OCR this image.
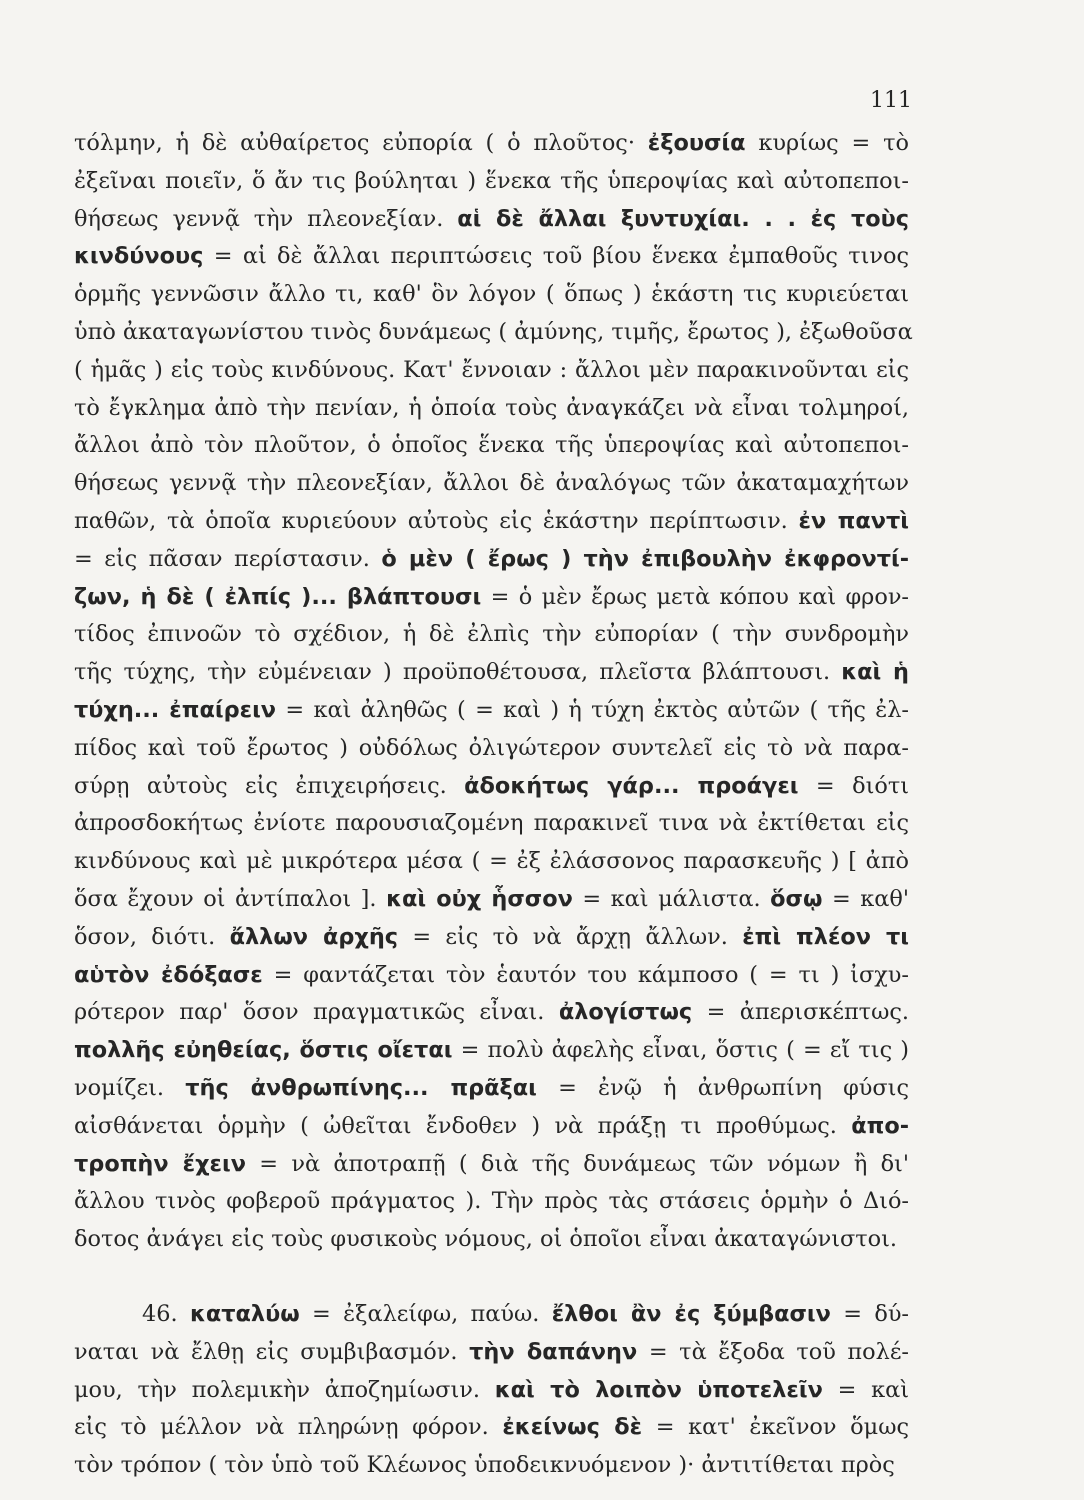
111
τόλμην, ἡ δὲ αὐθαίρετος εὐπορία ( ὁ πλοῦτος· ἐξουσία κυρίως = τὸ
ἐξεῖναι ποιεῖν, ὅ ἄν τις βούληται ) ἕνεκα τῆς ὑπεροψίας καὶ αὐτοπεποι-
θήσεως γεννᾷ τὴν πλεονεξίαν. αἱ δὲ ἄλλαι ξυντυχίαι. . . ἐς τοὺς
κινδύνους = αἱ δὲ ἄλλαι περιπτώσεις τοῦ βίου ἕνεκα ἐμπαθοῦς τινος
ὁρμῆς γεννῶσιν ἄλλο τι, καθ' ὃν λόγον ( ὅπως ) ἑκάστη τις κυριεύεται
ὑπὸ ἀκαταγωνίστου τινὸς δυνάμεως ( ἀμύνης, τιμῆς, ἔρωτος ), ἐξωθοῦσα
( ἡμᾶς ) εἰς τοὺς κινδύνους. Κατ' ἔννοιαν : ἄλλοι μὲν παρακινοῦνται εἰς
τὸ ἔγκλημα ἀπὸ τὴν πενίαν, ἡ ὁποία τοὺς ἀναγκάζει νὰ εἶναι τολμηροί,
ἄλλοι ἀπὸ τὸν πλοῦτον, ὁ ὁποῖος ἕνεκα τῆς ὑπεροψίας καὶ αὐτοπεποι-
θήσεως γεννᾷ τὴν πλεονεξίαν, ἄλλοι δὲ ἀναλόγως τῶν ἀκαταμαχήτων
παθῶν, τὰ ὁποῖα κυριεύουν αὐτοὺς εἰς ἑκάστην περίπτωσιν. ἐν παντὶ
= εἰς πᾶσαν περίστασιν. ὁ μὲν ( ἔρως ) τὴν ἐπιβουλὴν ἐκφροντί-
ζων, ἡ δὲ ( ἐλπίς )... βλάπτουσι = ὁ μὲν ἔρως μετὰ κόπου καὶ φρον-
τίδος ἐπινοῶν τὸ σχέδιον, ἡ δὲ ἐλπὶς τὴν εὐπορίαν ( τὴν συνδρομὴν
τῆς τύχης, τὴν εὐμένειαν ) προϋποθέτουσα, πλεῖστα βλάπτουσι. καὶ ἡ
τύχη... ἐπαίρειν = καὶ ἀληθῶς ( = καὶ ) ἡ τύχη ἐκτὸς αὐτῶν ( τῆς ἐλ-
πίδος καὶ τοῦ ἔρωτος ) οὐδόλως ὀλιγώτερον συντελεῖ εἰς τὸ νὰ παρα-
σύρῃ αὐτοὺς εἰς ἐπιχειρήσεις. ἀδοκήτως γάρ... προάγει = διότι
ἀπροσδοκήτως ἐνίοτε παρουσιαζομένη παρακινεῖ τινα νὰ ἐκτίθεται εἰς
κινδύνους καὶ μὲ μικρότερα μέσα ( = ἐξ ἐλάσσονος παρασκευῆς ) [ ἀπὸ
ὅσα ἔχουν οἱ ἀντίπαλοι ]. καὶ οὐχ ἧσσον = καὶ μάλιστα. ὅσῳ = καθ'
ὅσον, διότι. ἄλλων ἀρχῆς = εἰς τὸ νὰ ἄρχῃ ἄλλων. ἐπὶ πλέον τι
αὑτὸν ἐδόξασε = φαντάζεται τὸν ἑαυτόν του κάμποσο ( = τι ) ἰσχυ-
ρότερον παρ' ὅσον πραγματικῶς εἶναι. ἀλογίστως = ἀπερισκέπτως.
πολλῆς εὐηθείας, ὅστις οἴεται = πολὺ ἀφελὴς εἶναι, ὅστις ( = εἴ τις )
νομίζει. τῆς ἀνθρωπίνης... πρᾶξαι = ἐνῷ ἡ ἀνθρωπίνη φύσις
αἰσθάνεται ὁρμὴν ( ὠθεῖται ἔνδοθεν ) νὰ πράξῃ τι προθύμως. ἀπο-
τροπὴν ἔχειν = νὰ ἀποτραπῇ ( διὰ τῆς δυνάμεως τῶν νόμων ἢ δι'
ἄλλου τινὸς φοβεροῦ πράγματος ). Τὴν πρὸς τὰς στάσεις ὁρμὴν ὁ Διό-
δοτος ἀνάγει εἰς τοὺς φυσικοὺς νόμους, οἱ ὁποῖοι εἶναι ἀκαταγώνιστοι.
46. καταλύω = ἐξαλείφω, παύω. ἔλθοι ἂν ἐς ξύμβασιν = δύ-
ναται νὰ ἔλθῃ εἰς συμβιβασμόν. τὴν δαπάνην = τὰ ἔξοδα τοῦ πολέ-
μου, τὴν πολεμικὴν ἀποζημίωσιν. καὶ τὸ λοιπὸν ὑποτελεῖν = καὶ
εἰς τὸ μέλλον νὰ πληρώνῃ φόρον. ἐκείνως δὲ = κατ' ἐκεῖνον ὅμως
τὸν τρόπον ( τὸν ὑπὸ τοῦ Κλέωνος ὑποδεικνυόμενον )· ἀντιτίθεται πρὸς
